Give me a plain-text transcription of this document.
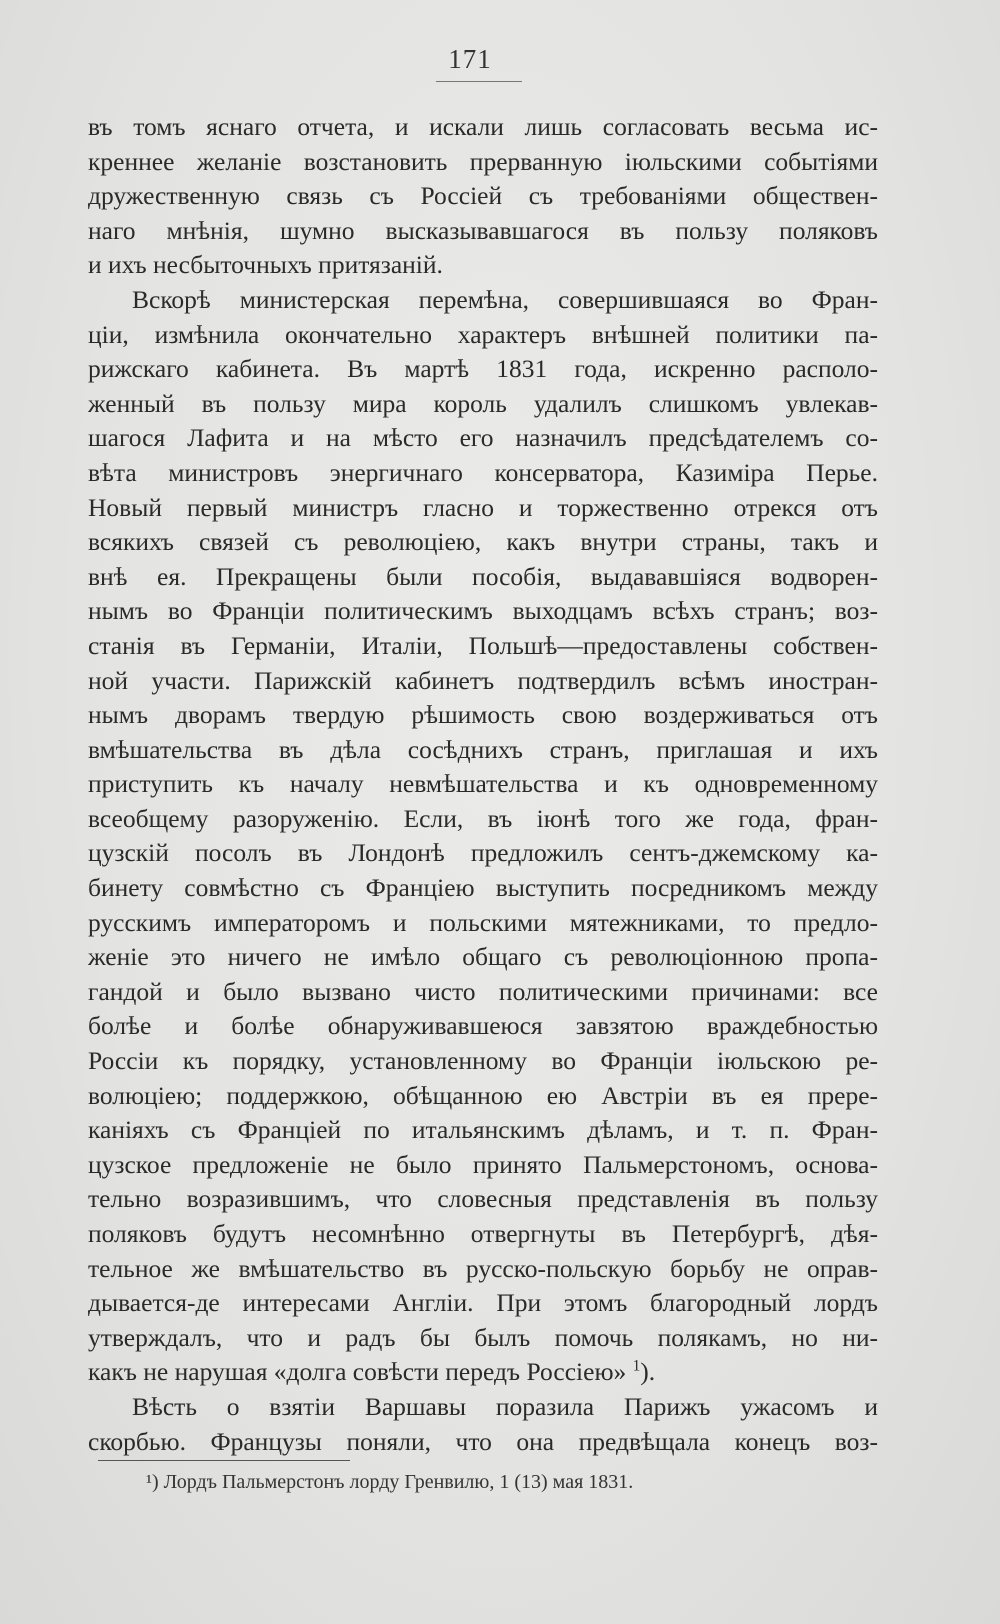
171
въ томъ яснаго отчета, и искали лишь согласовать весьма ис-
креннее желаніе возстановить прерванную іюльскими событіями
дружественную связь съ Россіей съ требованіями обществен-
наго мнѣнія, шумно высказывавшагося въ пользу поляковъ
и ихъ несбыточныхъ притязаній.
Вскорѣ министерская перемѣна, совершившаяся во Фран-
ціи, измѣнила окончательно характеръ внѣшней политики па-
рижскаго кабинета. Въ мартѣ 1831 года, искренно располо-
женный въ пользу мира король удалилъ слишкомъ увлекав-
шагося Лафита и на мѣсто его назначилъ предсѣдателемъ со-
вѣта министровъ энергичнаго консерватора, Казиміра Перье.
Новый первый министръ гласно и торжественно отрекся отъ
всякихъ связей съ революціею, какъ внутри страны, такъ и
внѣ ея. Прекращены были пособія, выдававшіяся водворен-
нымъ во Франціи политическимъ выходцамъ всѣхъ странъ; воз-
станія въ Германіи, Италіи, Польшѣ—предоставлены собствен-
ной участи. Парижскій кабинетъ подтвердилъ всѣмъ иностран-
нымъ дворамъ твердую рѣшимость свою воздерживаться отъ
вмѣшательства въ дѣла сосѣднихъ странъ, приглашая и ихъ
приступить къ началу невмѣшательства и къ одновременному
всеобщему разоруженію. Если, въ іюнѣ того же года, фран-
цузскій посолъ въ Лондонѣ предложилъ сентъ-джемскому ка-
бинету совмѣстно съ Франціею выступить посредникомъ между
русскимъ императоромъ и польскими мятежниками, то предло-
женіе это ничего не имѣло общаго съ революціонною пропа-
гандой и было вызвано чисто политическими причинами: все
болѣе и болѣе обнаруживавшеюся завзятою враждебностью
Россіи къ порядку, установленному во Франціи іюльскою ре-
волюціею; поддержкою, обѣщанною ею Австріи въ ея прере-
каніяхъ съ Франціей по итальянскимъ дѣламъ, и т. п. Фран-
цузское предложеніе не было принято Пальмерстономъ, основа-
тельно возразившимъ, что словесныя представленія въ пользу
поляковъ будутъ несомнѣнно отвергнуты въ Петербургѣ, дѣя-
тельное же вмѣшательство въ русско-польскую борьбу не оправ-
дывается-де интересами Англіи. При этомъ благородный лордъ
утверждалъ, что и радъ бы былъ помочь полякамъ, но ни-
какъ не нарушая «долга совѣсти передъ Россіею» $^1$).
Вѣсть о взятіи Варшавы поразила Парижъ ужасомъ и
скорбью. Французы поняли, что она предвѣщала конецъ воз-
¹) Лордъ Пальмерстонъ лорду Гренвилю, 1 (13) мая 1831.
